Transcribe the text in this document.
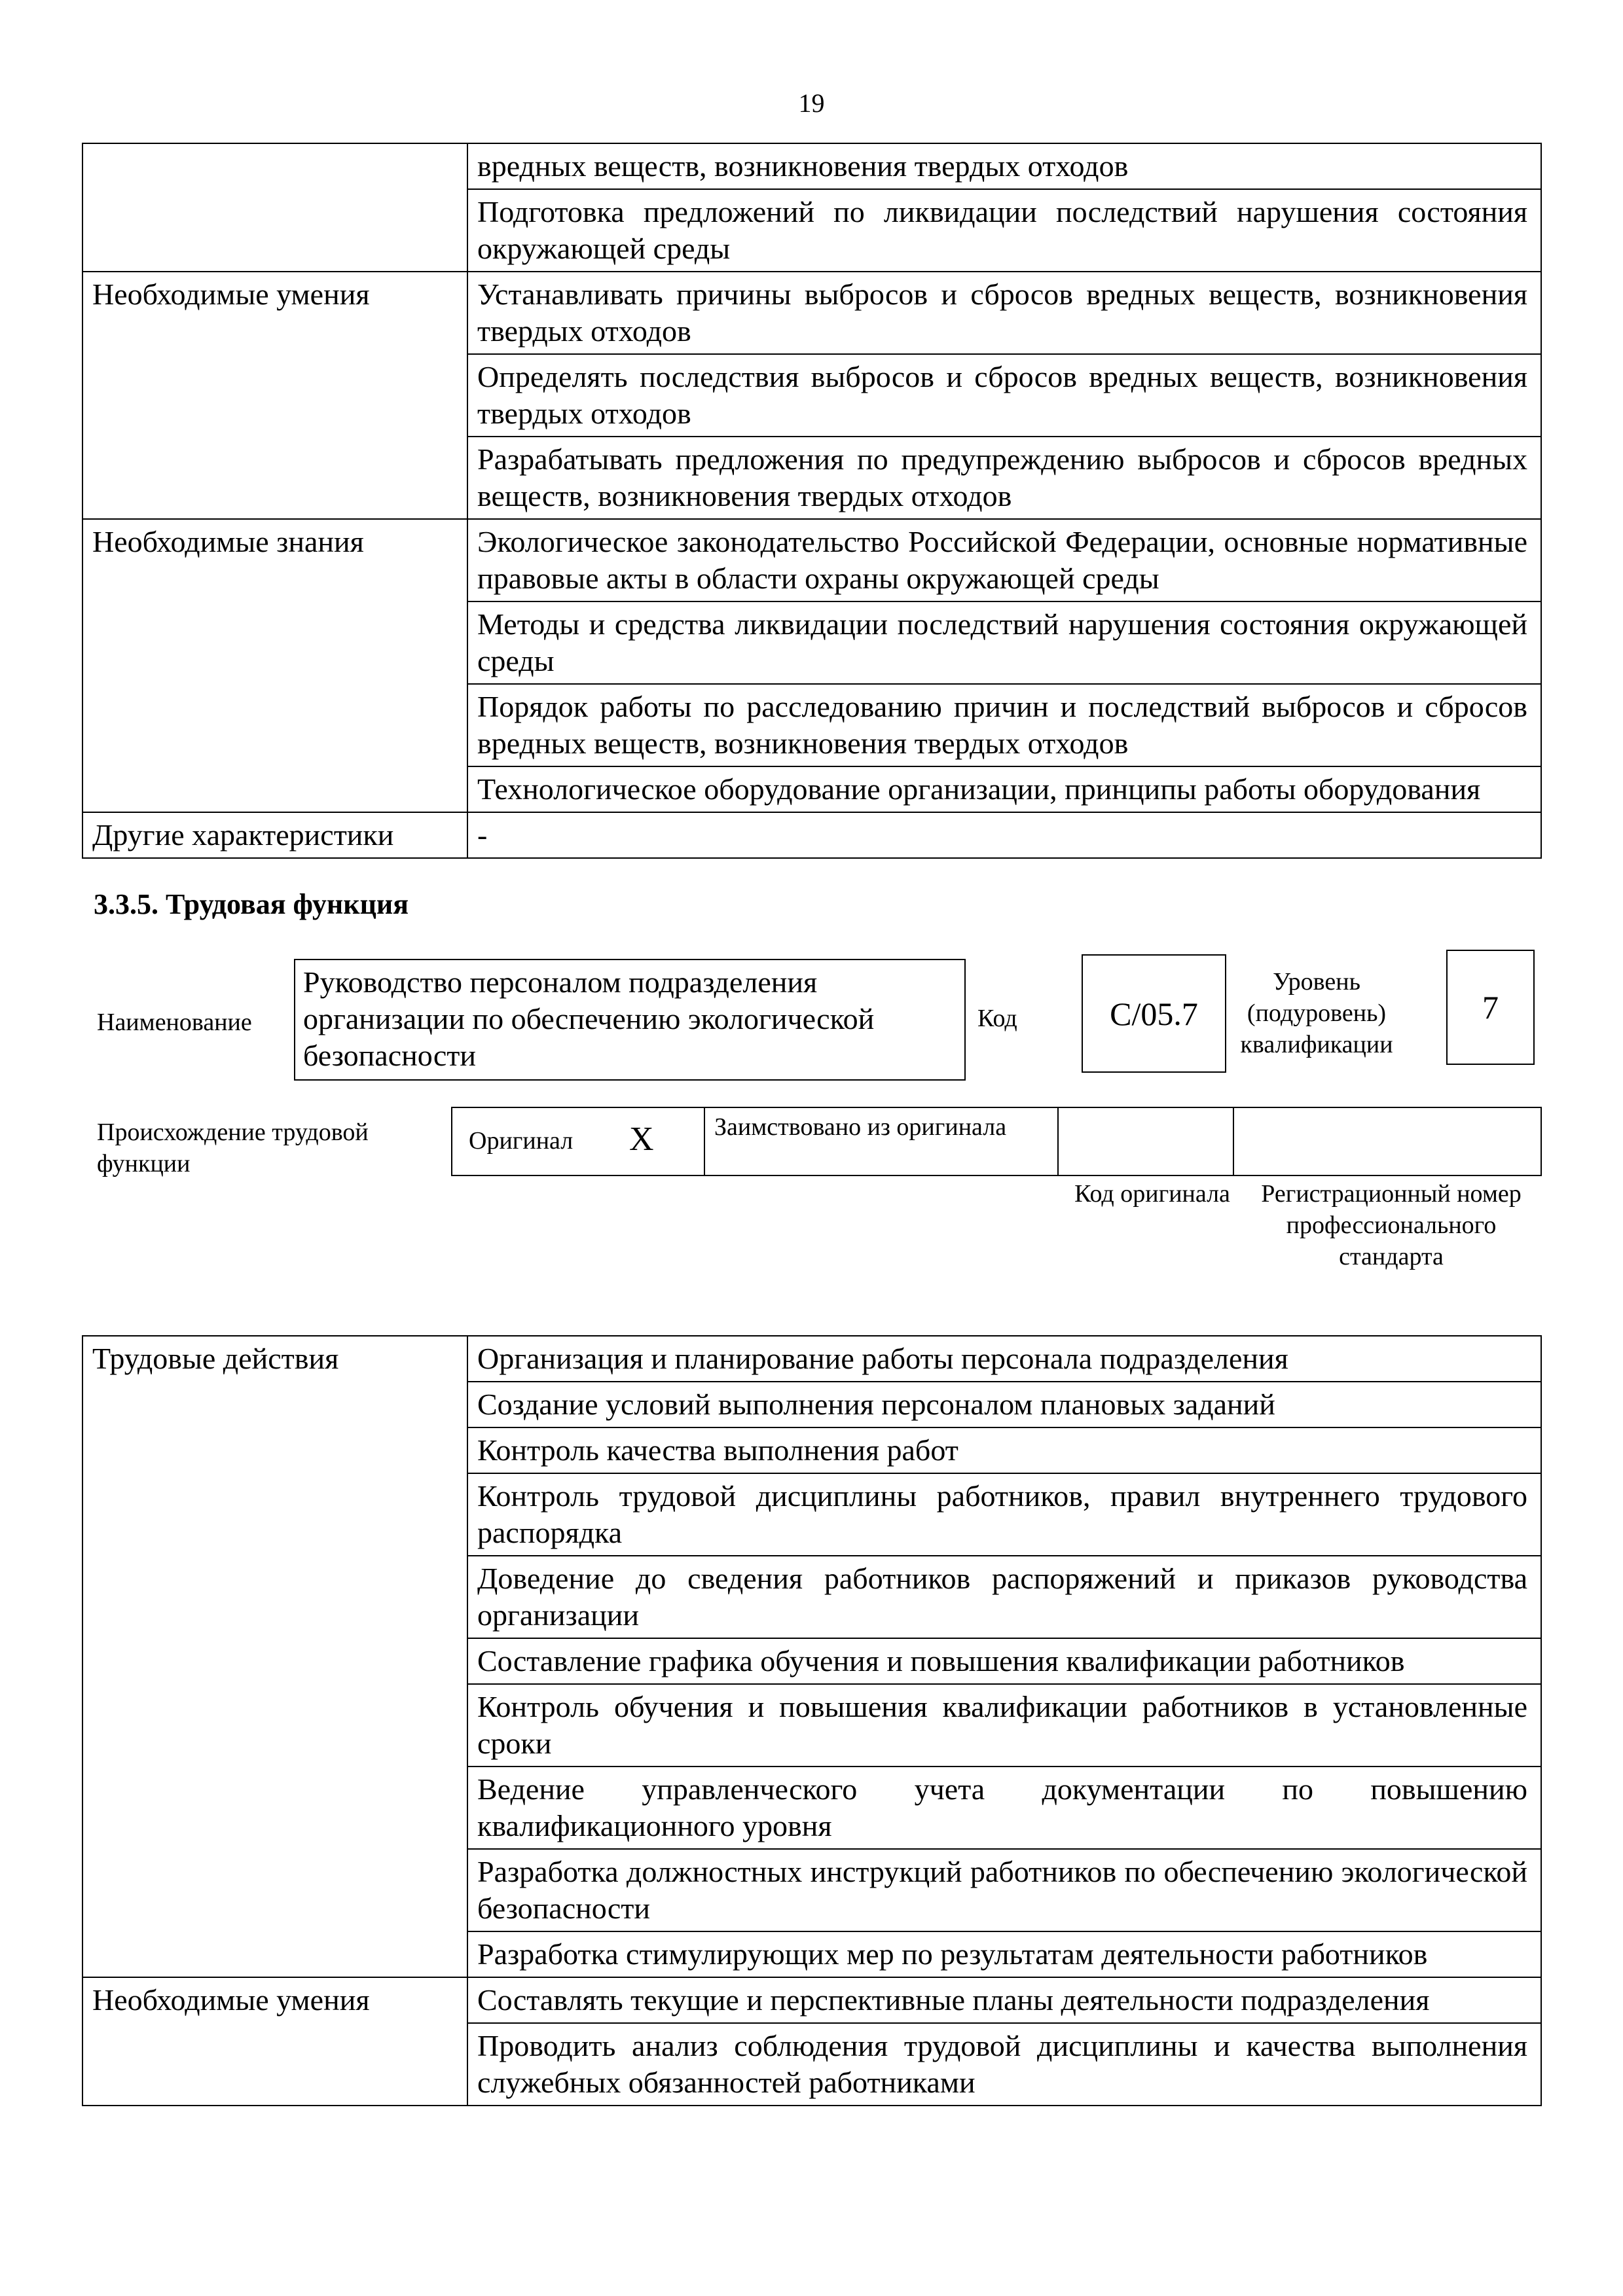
19

	вредных веществ, возникновения твердых отходов

	Подготовка предложений по ликвидации последствий нарушения состояния окружающей среды

Необходимые умения	Устанавливать причины выбросов и сбросов вредных веществ, возникновения твердых отходов

	Определять последствия выбросов и сбросов вредных веществ, возникновения твердых отходов

	Разрабатывать предложения по предупреждению выбросов и сбросов вредных веществ, возникновения твердых отходов

Необходимые знания	Экологическое законодательство Российской Федерации, основные нормативные правовые акты в области охраны окружающей среды

	Методы и средства ликвидации последствий нарушения состояния окружающей среды

	Порядок работы по расследованию причин и последствий выбросов и сбросов вредных веществ, возникновения твердых отходов

	Технологическое оборудование организации, принципы работы оборудования

Другие характеристики	-
3.3.5. Трудовая функция
Наименование
Руководство персоналом подразделения организации по обеспечению экологической безопасности
Код	C/05.7
Уровень (подуровень) квалификации
7
Происхождение трудовой функции
Оригинал X Заимствовано из оригинала
Код оригинала	Регистрационный номер профессионального стандарта
Трудовые действия	Организация и планирование работы персонала подразделения

	Создание условий выполнения персоналом плановых заданий

	Контроль качества выполнения работ

	Контроль трудовой дисциплины работников, правил внутреннего трудового распорядка

	Доведение до сведения работников распоряжений и приказов руководства организации

	Составление графика обучения и повышения квалификации работников

	Контроль обучения и повышения квалификации работников в установленные сроки

	Ведение управленческого учета документации по повышению квалификационного уровня

	Разработка должностных инструкций работников по обеспечению экологической безопасности

	Разработка стимулирующих мер по результатам деятельности работников

Необходимые умения	Составлять текущие и перспективные планы деятельности подразделения

	Проводить анализ соблюдения трудовой дисциплины и качества выполнения служебных обязанностей работниками
